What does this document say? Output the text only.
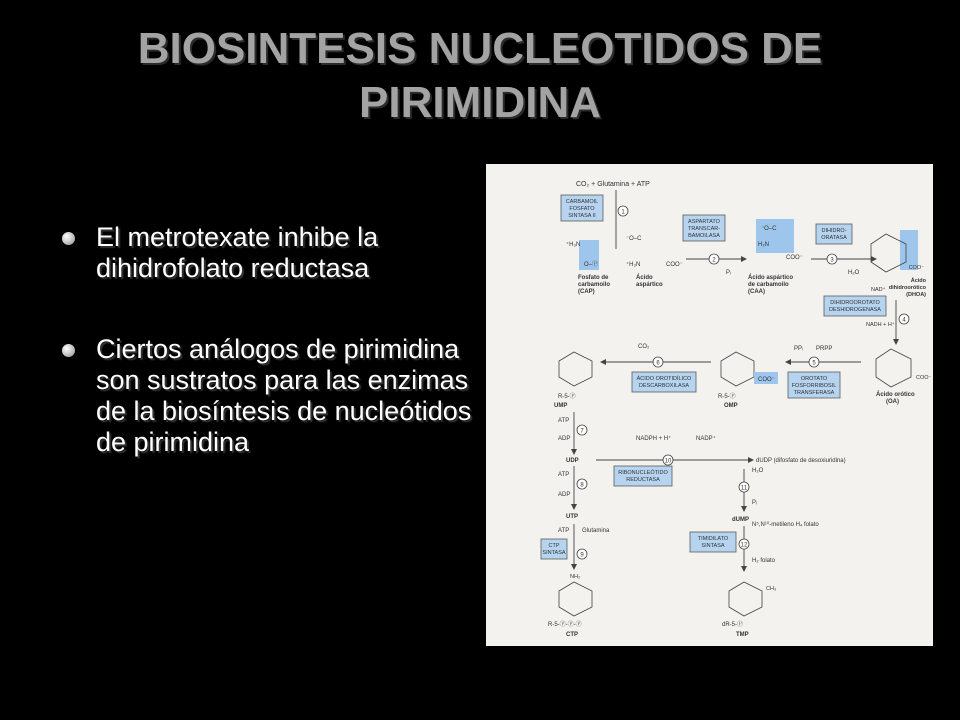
BIOSINTESIS NUCLEOTIDOS DE
PIRIMIDINA
El metrotexate inhibe la dihidrofolato reductasa
Ciertos análogos de pirimidina son sustratos para las enzimas de la biosíntesis de nucleótidos de pirimidina
CO₂ + Glutamina + ATP
1
CARBAMOIL
FOSFATO
SINTASA II
⁺H₃N
O–Ⓟ
⁻O–C
⁺H₃N	COO⁻
Fosfato de
carbamoilo
(CAP)
Ácido
aspártico
ASPARTATO
TRANSCAR-
BAMOILASA
2
Pᵢ
⁻O–C
H₂N
COO⁻
Ácido aspártico
de carbamoilo
(CAA)
DIHIDRO-
ORATASA
3
H₂O
COO⁻
Ácido
dihidroorótico
(DHOA)
DIHIDROOROTATO
DESHIDROGENASA
NAD⁺
NADH + H⁺
4
COO⁻
Ácido orótico
(OA)
5
PPᵢ PRPP
OROTATO
FOSFORRIBOSIL
TRANSFERASA
COO⁻
R-5-Ⓟ
OMP
6
CO₂
ÁCIDO OROTIDÍLICO
DESCARBOXILASA
R-5-Ⓟ
UMP
ATP
ADP
7
UDP
NADPH + H⁺	NADP⁺
10
RIBONUCLEÓTIDO
REDUCTASA
dUDP (difosfato de desoxiuridina)
H₂O
Pᵢ
11
dUMP
ATP
ADP
8
UTP
ATP Glutamina
9
CTP
SINTASA
NH₂
R-5-Ⓟ-Ⓟ-Ⓟ
CTP
N⁵,N¹⁰-metileno H₄ folato
H₂ folato
12
TIMIDILATO
SINTASA
CH₃
dR-5-Ⓟ
TMP
